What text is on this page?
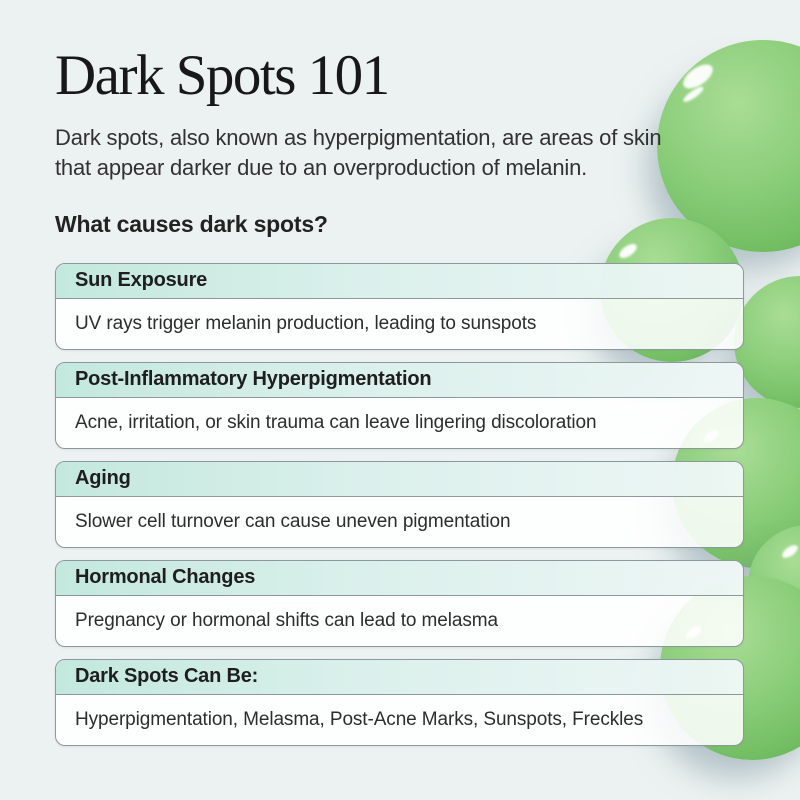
Dark Spots 101

Dark spots, also known as hyperpigmentation, are areas of skin that appear darker due to an overproduction of melanin.

What causes dark spots?
Sun Exposure
UV rays trigger melanin production, leading to sunspots
Post-Inflammatory Hyperpigmentation
Acne, irritation, or skin trauma can leave lingering discoloration
Aging
Slower cell turnover can cause uneven pigmentation
Hormonal Changes
Pregnancy or hormonal shifts can lead to melasma
Dark Spots Can Be:
Hyperpigmentation, Melasma, Post-Acne Marks, Sunspots, Freckles
